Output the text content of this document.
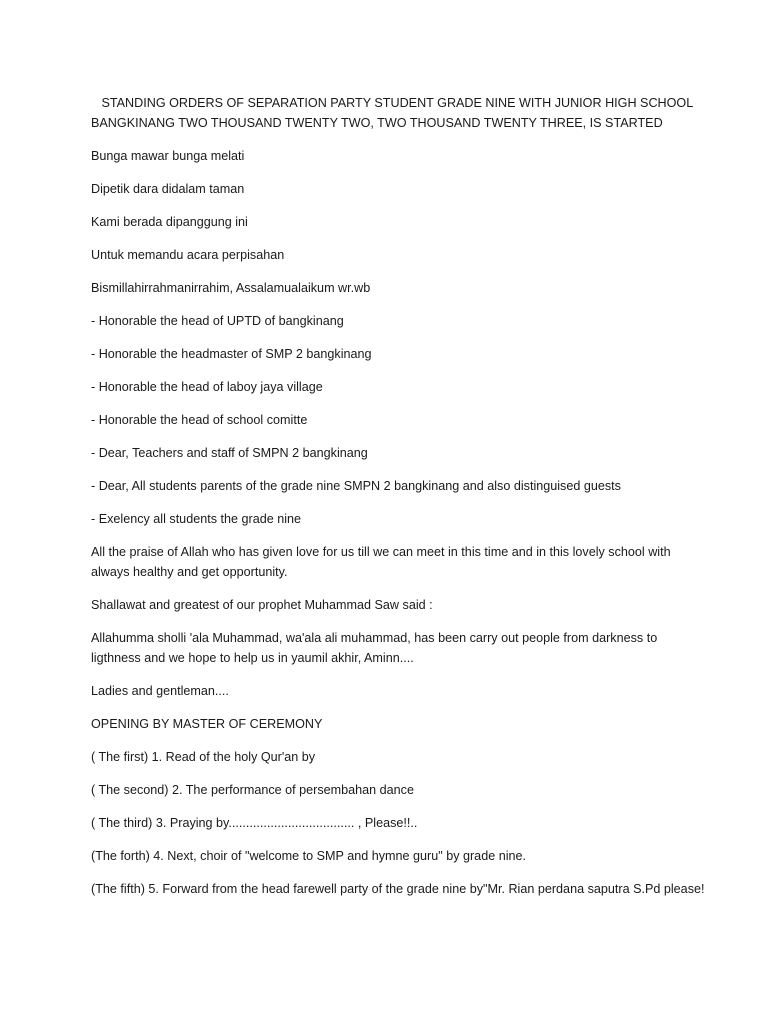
STANDING ORDERS OF SEPARATION PARTY STUDENT GRADE NINE WITH JUNIOR HIGH SCHOOL BANGKINANG TWO THOUSAND TWENTY TWO, TWO THOUSAND TWENTY THREE, IS STARTED

Bunga mawar bunga melati

Dipetik dara didalam taman

Kami berada dipanggung ini

Untuk memandu acara perpisahan

Bismillahirrahmanirrahim, Assalamualaikum wr.wb

- Honorable the head of UPTD of bangkinang

- Honorable the headmaster of SMP 2 bangkinang

- Honorable the head of laboy jaya village

- Honorable the head of school comitte

- Dear, Teachers and staff of SMPN 2 bangkinang

- Dear, All students parents of the grade nine SMPN 2 bangkinang and also distinguised guests

- Exelency all students the grade nine

All the praise of Allah who has given love for us till we can meet in this time and in this lovely school with always healthy and get opportunity.

Shallawat and greatest of our prophet Muhammad Saw said :

Allahumma sholli 'ala Muhammad, wa'ala ali muhammad, has been carry out people from darkness to ligthness and we hope to help us in yaumil akhir, Aminn....

Ladies and gentleman....

OPENING BY MASTER OF CEREMONY

( The first) 1. Read of the holy Qur'an by

( The second) 2. The performance of persembahan dance

( The third) 3. Praying by.................................... , Please!!..

(The forth) 4. Next, choir of "welcome to SMP and hymne guru" by grade nine.

(The fifth) 5. Forward from the head farewell party of the grade nine by"Mr. Rian perdana saputra S.Pd please!
